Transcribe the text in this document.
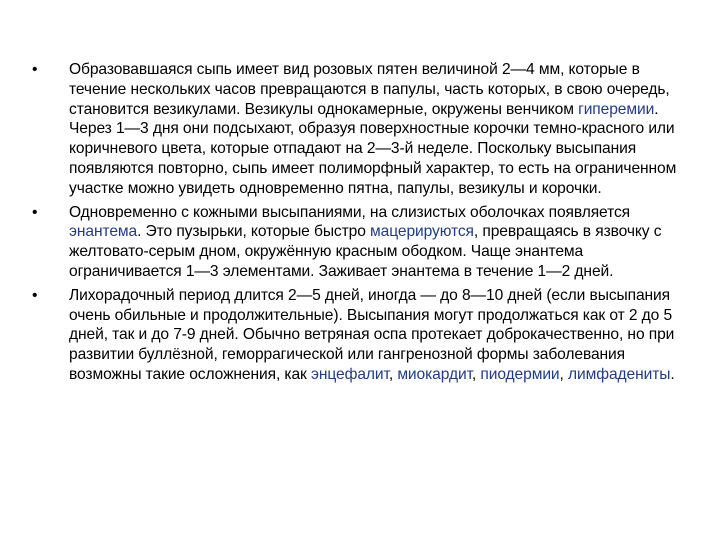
•	Образовавшаяся сыпь имеет вид розовых пятен величиной 2—4 мм, которые в течение нескольких часов превращаются в папулы, часть которых, в свою очередь, становится везикулами. Везикулы однокамерные, окружены венчиком гиперемии. Через 1—3 дня они подсыхают, образуя поверхностные корочки темно-красного или коричневого цвета, которые отпадают на 2—3-й неделе. Поскольку высыпания появляются повторно, сыпь имеет полиморфный характер, то есть на ограниченном участке можно увидеть одновременно пятна, папулы, везикулы и корочки.
•	Одновременно с кожными высыпаниями, на слизистых оболочках появляется энантема. Это пузырьки, которые быстро мацерируются, превращаясь в язвочку с желтовато-серым дном, окружённую красным ободком. Чаще энантема ограничивается 1—3 элементами. Заживает энантема в течение 1—2 дней.
•	Лихорадочный период длится 2—5 дней, иногда — до 8—10 дней (если высыпания очень обильные и продолжительные). Высыпания могут продолжаться как от 2 до 5 дней, так и до 7-9 дней. Обычно ветряная оспа протекает доброкачественно, но при развитии буллёзной, геморрагической или гангренозной формы заболевания возможны такие осложнения, как энцефалит, миокардит, пиодермии, лимфадениты.
